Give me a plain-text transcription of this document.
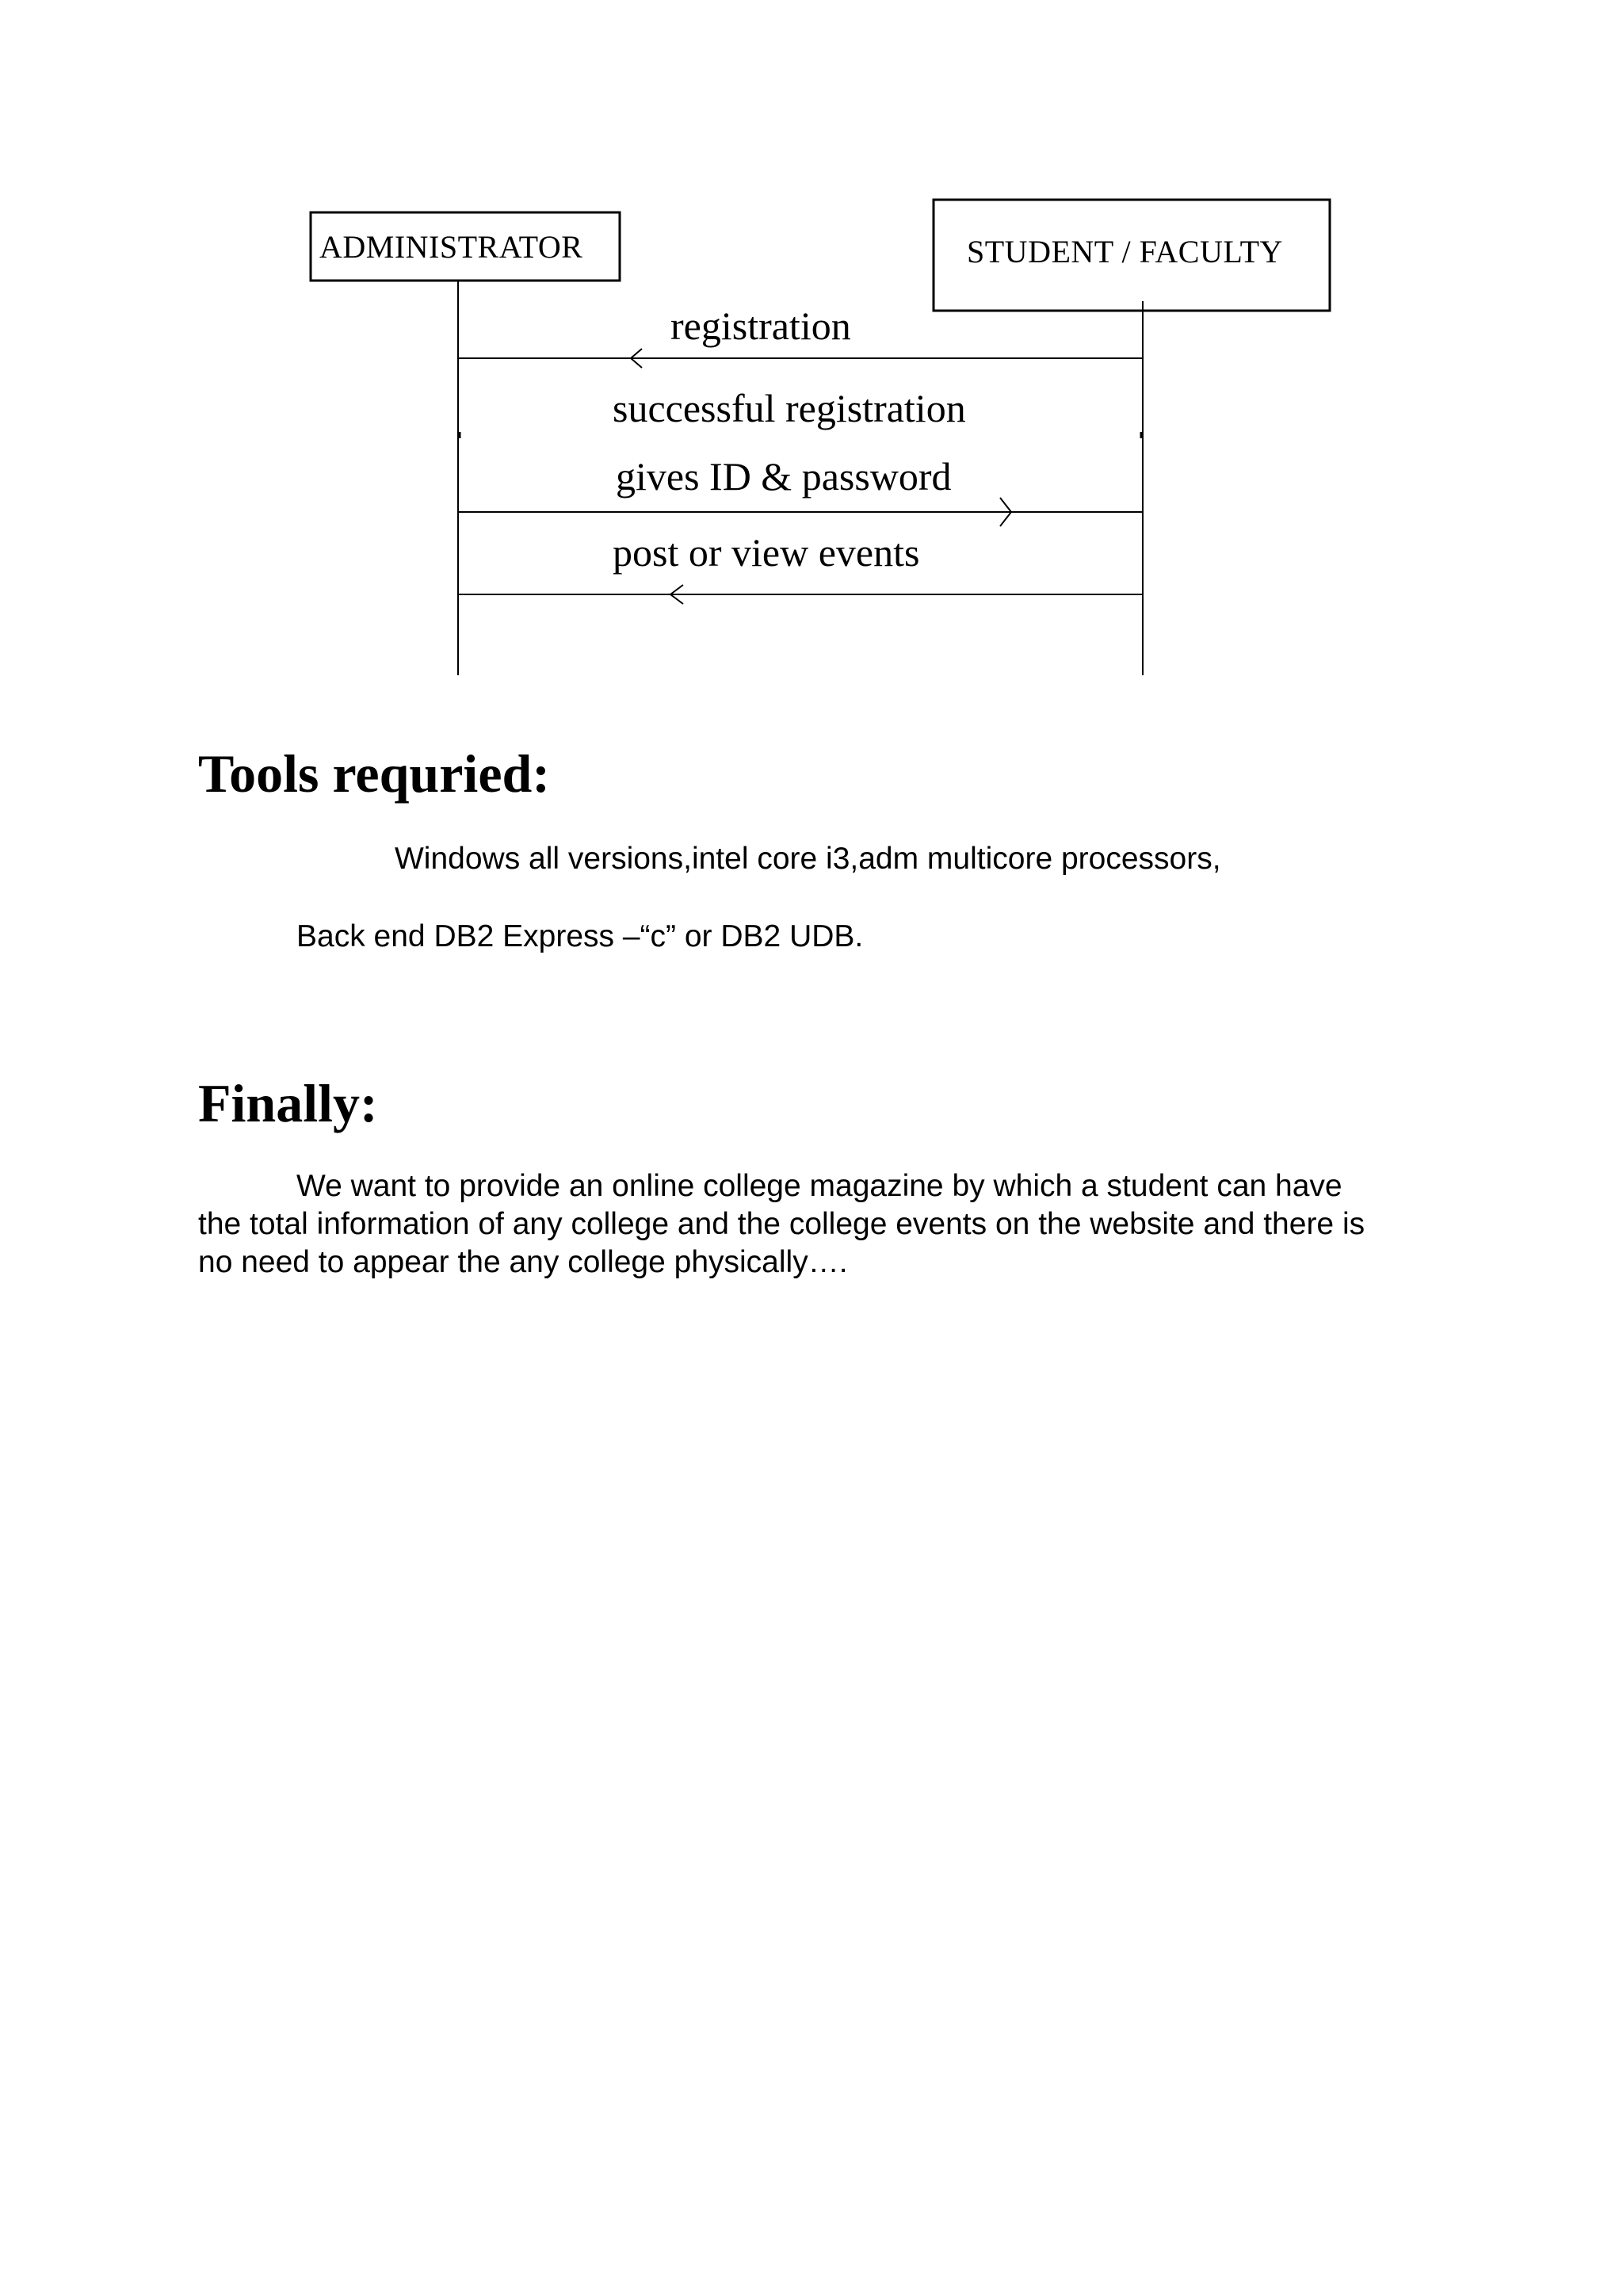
ADMINISTRATOR	STUDENT / FACULTY
registration
successful registration
gives ID & password
post or view events
Tools requried:

Windows all versions,intel core i3,adm multicore processors,

Back end DB2 Express –“c” or DB2 UDB.

Finally:
We want to provide an online college magazine by which a student can have
the total information of any college and the college events on the website and there is
no need to appear the any college physically….
